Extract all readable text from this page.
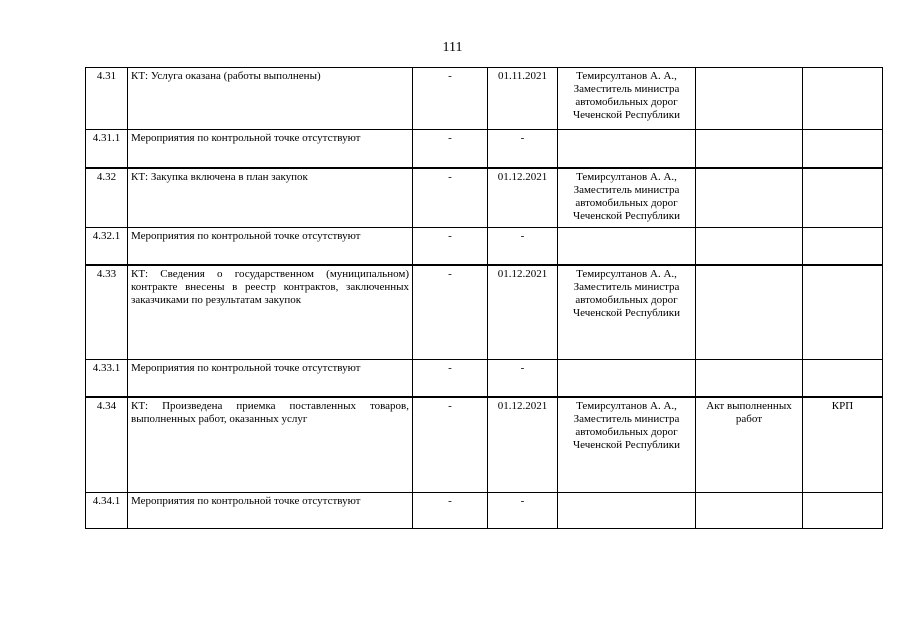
111
4.31	КТ: Услуга оказана (работы выполнены)	-	01.11.2021	Темирсултанов А. А., Заместитель министра автомобильных дорог Чеченской Республики		
4.31.1	Мероприятия по контрольной точке отсутствуют	-	-			
4.32	КТ: Закупка включена в план закупок	-	01.12.2021	Темирсултанов А. А., Заместитель министра автомобильных дорог Чеченской Республики		
4.32.1	Мероприятия по контрольной точке отсутствуют	-	-			
4.33	КТ: Сведения о государственном (муниципальном) контракте внесены в реестр контрактов, заключенных заказчиками по результатам закупок	-	01.12.2021	Темирсултанов А. А., Заместитель министра автомобильных дорог Чеченской Республики		
4.33.1	Мероприятия по контрольной точке отсутствуют	-	-			
4.34	КТ: Произведена приемка поставленных товаров, выполненных работ, оказанных услуг	-	01.12.2021	Темирсултанов А. А., Заместитель министра автомобильных дорог Чеченской Республики	Акт выполненных работ	КРП
4.34.1	Мероприятия по контрольной точке отсутствуют	-	-			
